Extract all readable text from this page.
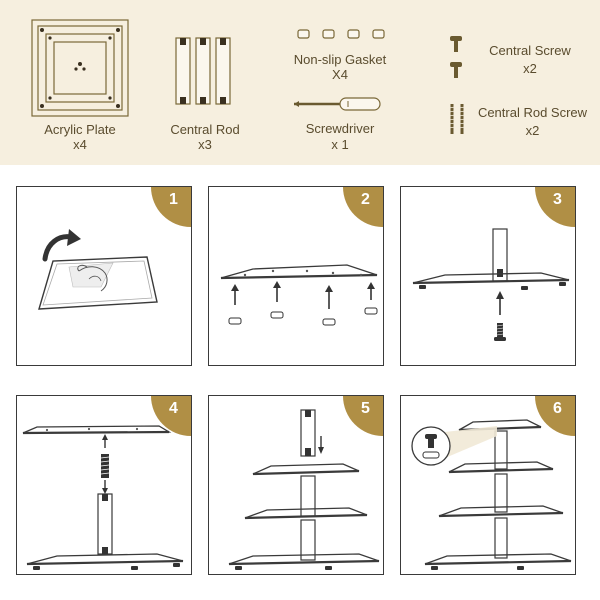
Acrylic Plate
x4
Central Rod
x3
Non-slip Gasket
X4
Screwdriver
x 1
Central Screw
x2
Central Rod Screw
x2
1	2	3
4	5	6
